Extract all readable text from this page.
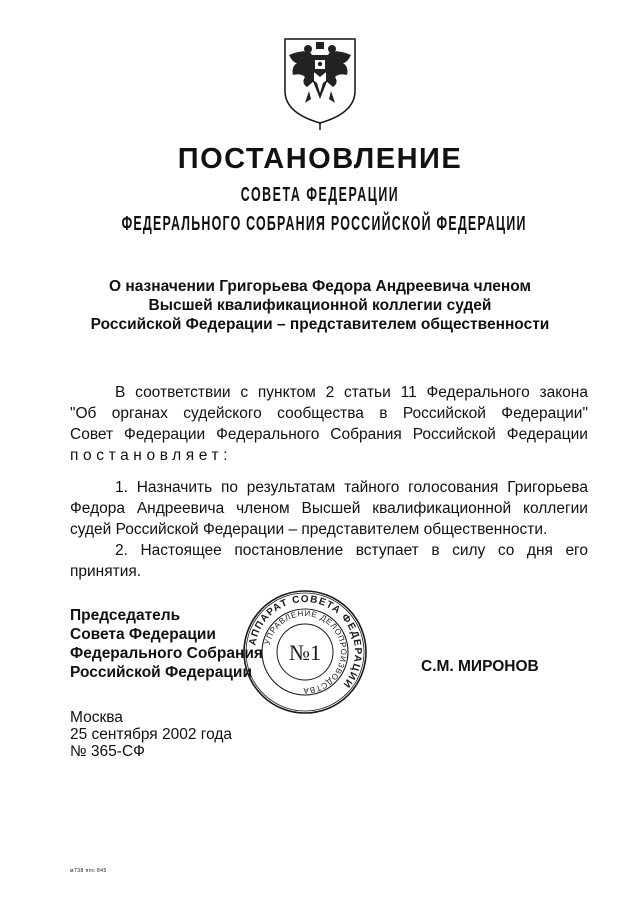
ПОСТАНОВЛЕНИЕ
СОВЕТА ФЕДЕРАЦИИ
ФЕДЕРАЛЬНОГО СОБРАНИЯ РОССИЙСКОЙ ФЕДЕРАЦИИ
О назначении Григорьева Федора Андреевича членом
Высшей квалификационной коллегии судей
Российской Федерации – представителем общественности
В соответствии с пунктом 2 статьи 11 Федерального закона
"Об органах судейского сообщества в Российской Федерации"
Совет Федерации Федерального Собрания Российской Федерации

постановляет:

1. Назначить по результатам тайного голосования Григорьева
Федора Андреевича членом Высшей квалификационной коллегии

судей Российской Федерации – представителем общественности.

2. Настоящее постановление вступает в силу со дня его

принятия.

Председатель
Совета Федерации
Федерального Собрания
Российской Федерации
АППАРАТ СОВЕТА ФЕДЕРАЦИИ
УПРАВЛЕНИЕ ДЕЛОПРОИЗВОДСТВА
№1
С.М. МИРОНОВ
Москва
25 сентября 2002 года
№ 365-СФ
м738 ппс 845
